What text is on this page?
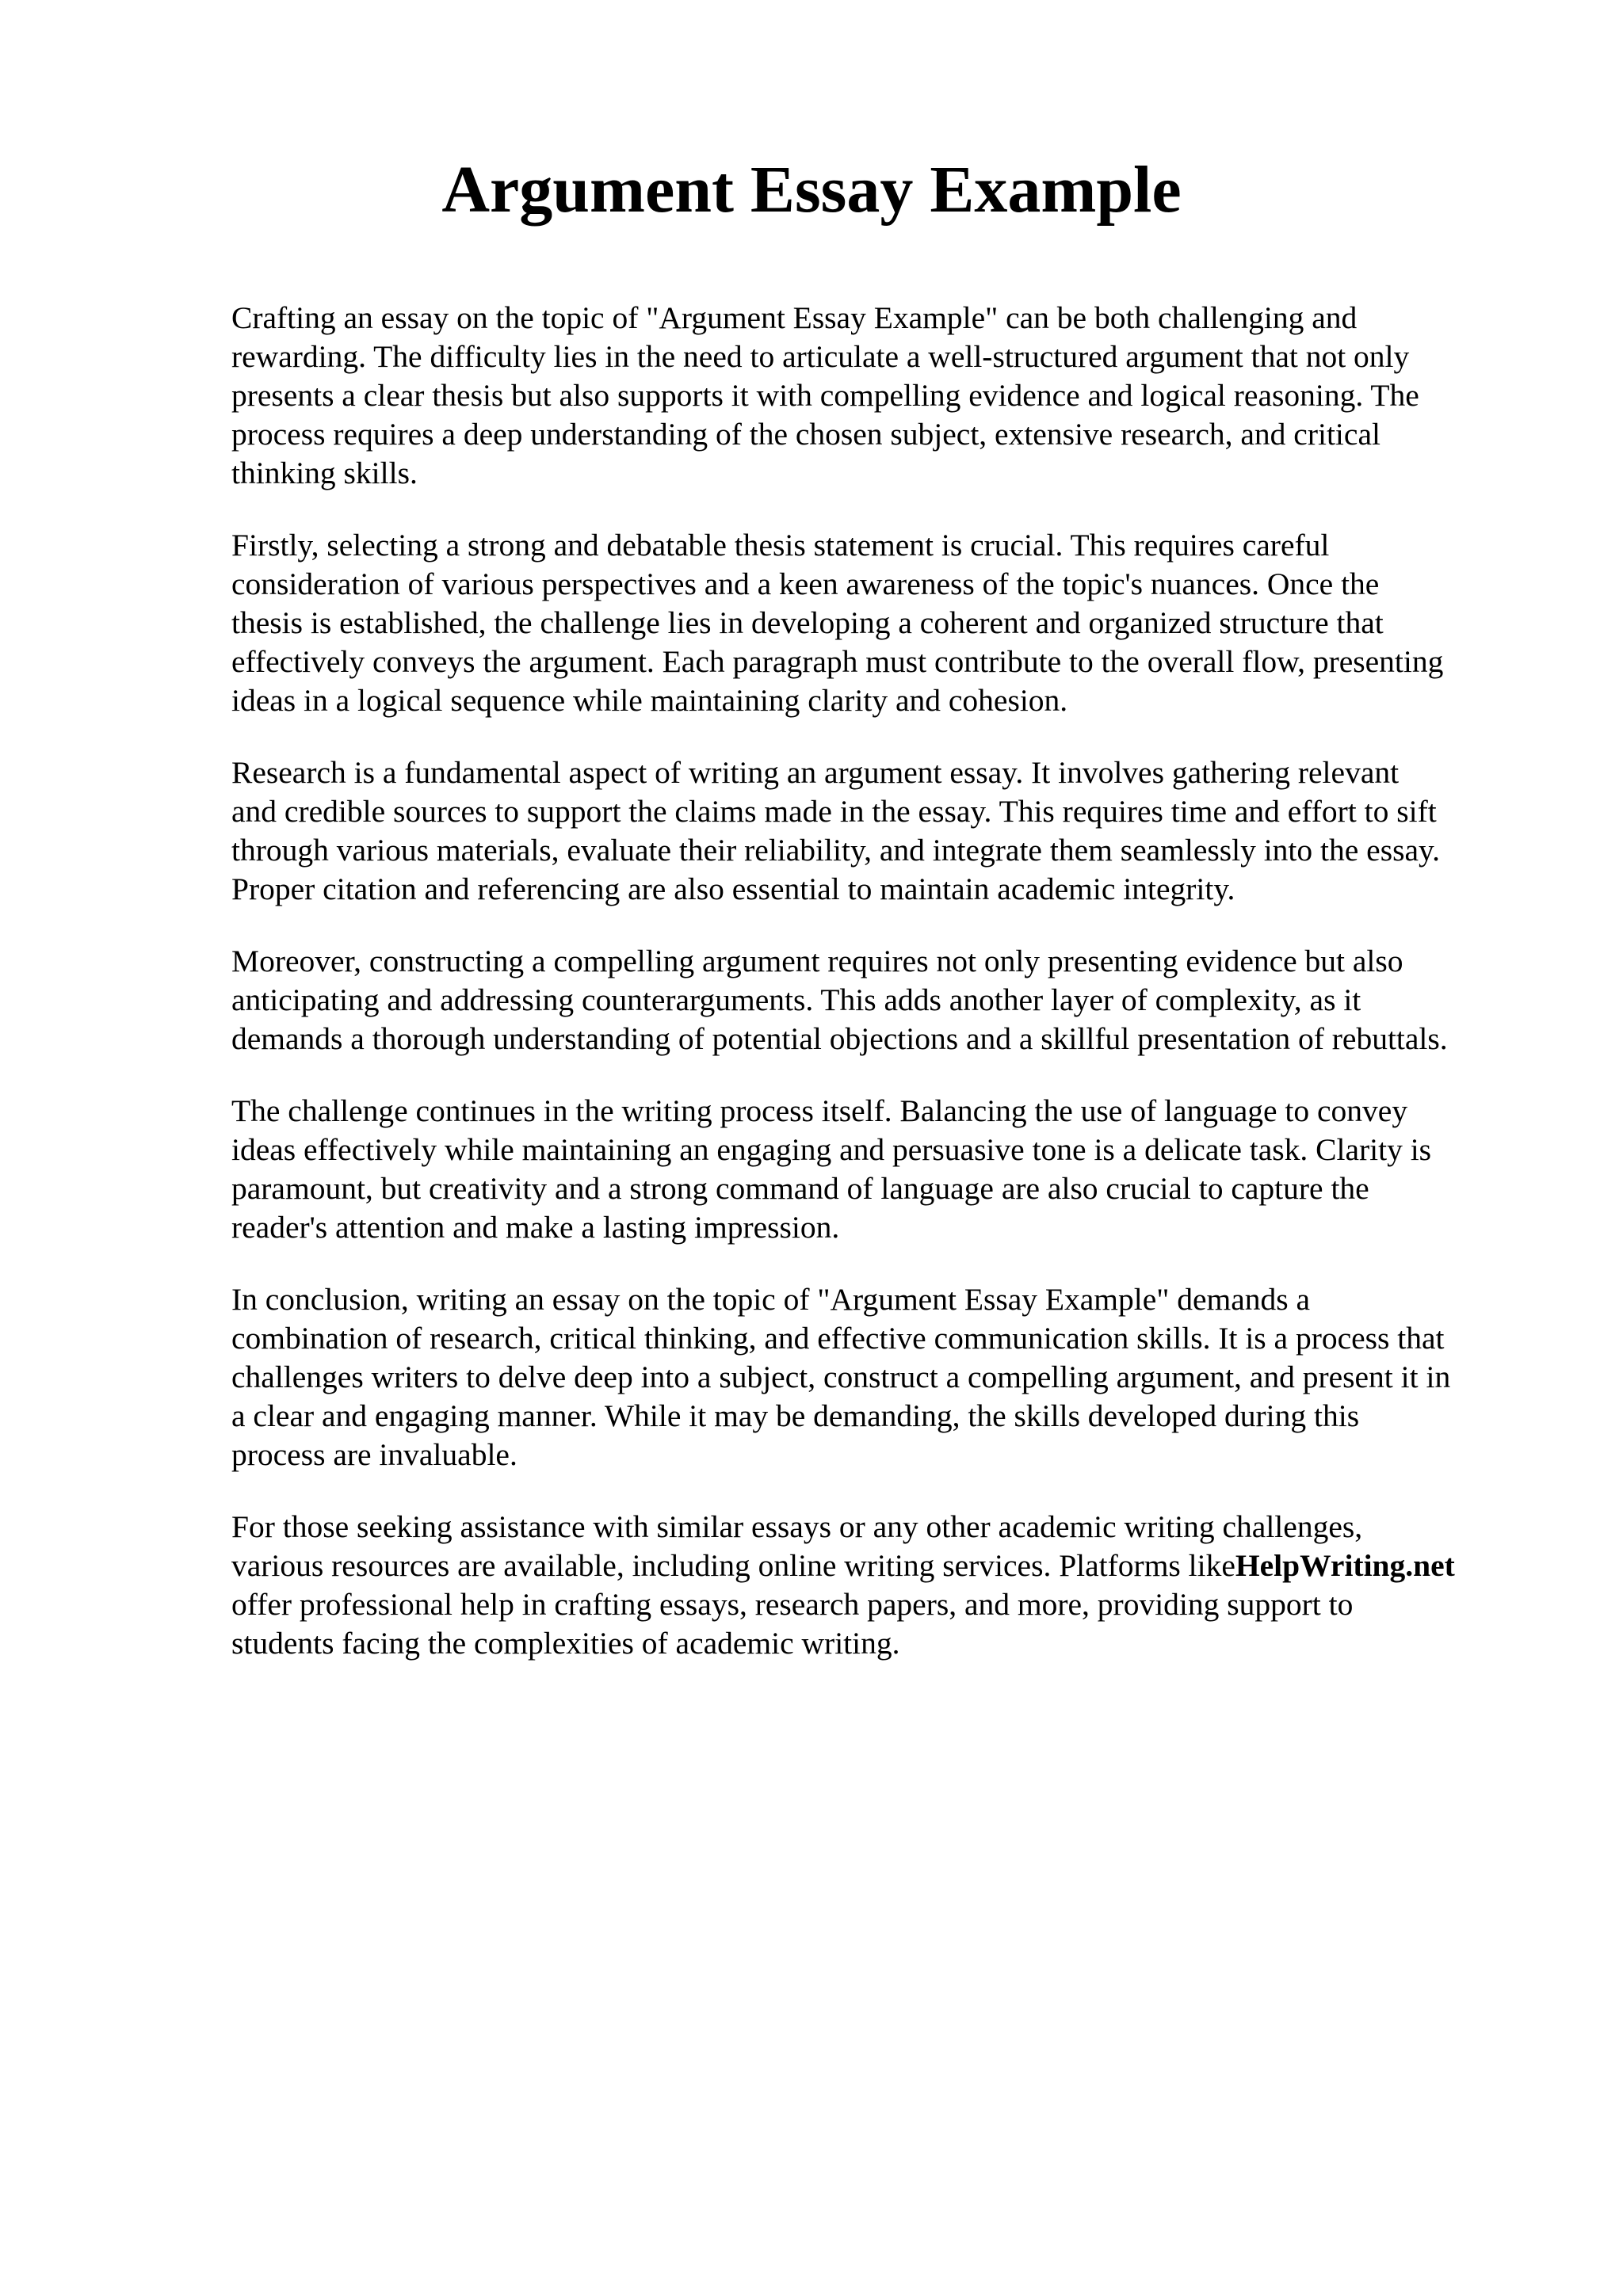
Argument Essay Example

Crafting an essay on the topic of "Argument Essay Example" can be both challenging and
rewarding. The difficulty lies in the need to articulate a well-structured argument that not only
presents a clear thesis but also supports it with compelling evidence and logical reasoning. The
process requires a deep understanding of the chosen subject, extensive research, and critical
thinking skills.

Firstly, selecting a strong and debatable thesis statement is crucial. This requires careful
consideration of various perspectives and a keen awareness of the topic's nuances. Once the
thesis is established, the challenge lies in developing a coherent and organized structure that
effectively conveys the argument. Each paragraph must contribute to the overall flow, presenting
ideas in a logical sequence while maintaining clarity and cohesion.

Research is a fundamental aspect of writing an argument essay. It involves gathering relevant
and credible sources to support the claims made in the essay. This requires time and effort to sift
through various materials, evaluate their reliability, and integrate them seamlessly into the essay.
Proper citation and referencing are also essential to maintain academic integrity.

Moreover, constructing a compelling argument requires not only presenting evidence but also
anticipating and addressing counterarguments. This adds another layer of complexity, as it
demands a thorough understanding of potential objections and a skillful presentation of rebuttals.

The challenge continues in the writing process itself. Balancing the use of language to convey
ideas effectively while maintaining an engaging and persuasive tone is a delicate task. Clarity is
paramount, but creativity and a strong command of language are also crucial to capture the
reader's attention and make a lasting impression.

In conclusion, writing an essay on the topic of "Argument Essay Example" demands a
combination of research, critical thinking, and effective communication skills. It is a process that
challenges writers to delve deep into a subject, construct a compelling argument, and present it in
a clear and engaging manner. While it may be demanding, the skills developed during this
process are invaluable.

For those seeking assistance with similar essays or any other academic writing challenges,
various resources are available, including online writing services. Platforms likeHelpWriting.net
offer professional help in crafting essays, research papers, and more, providing support to
students facing the complexities of academic writing.
